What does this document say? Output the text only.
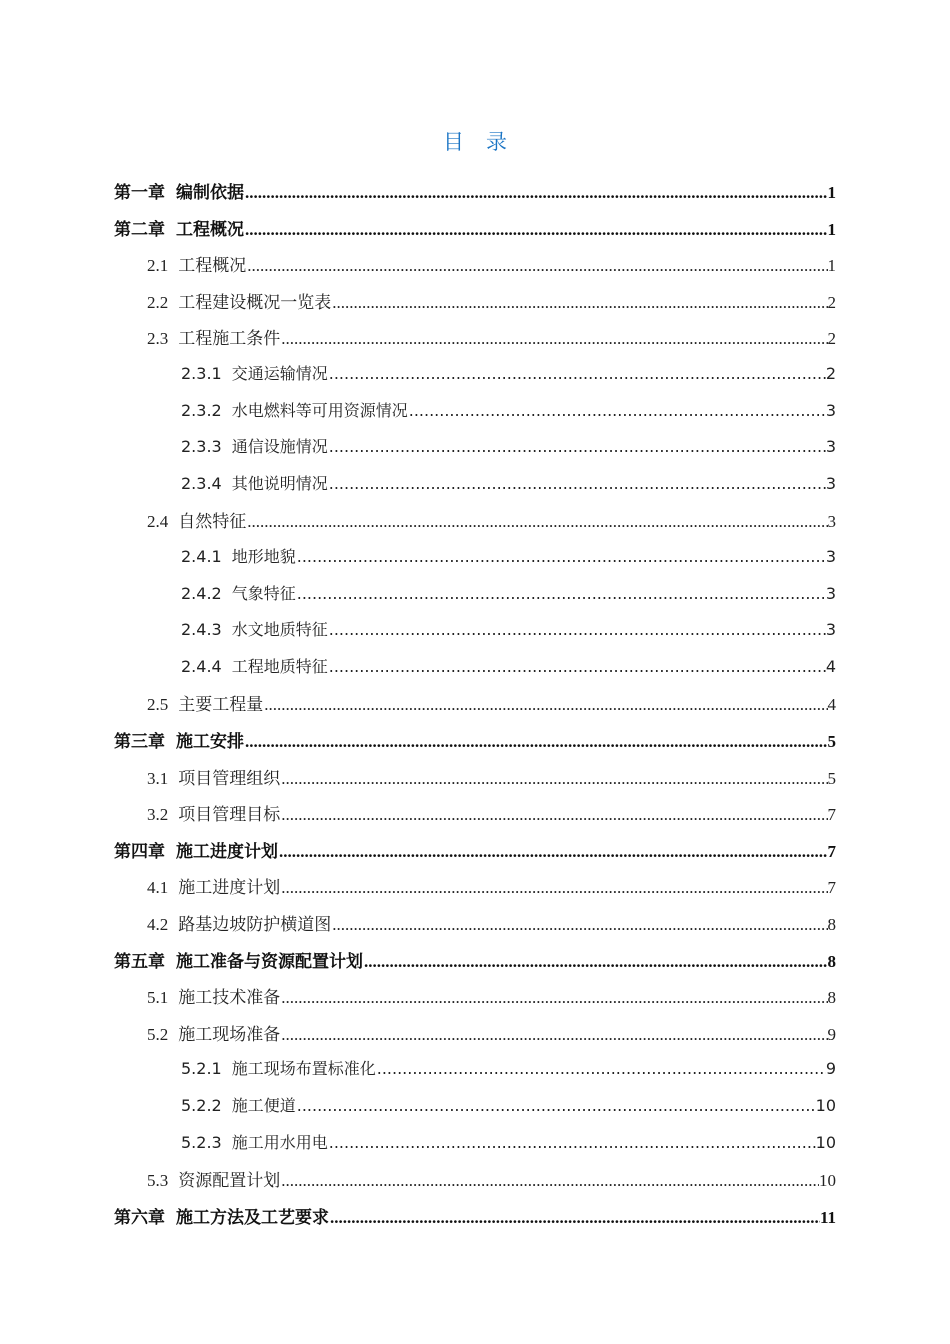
目录
第一章 编制依据 .....	1
第二章 工程概况 .....	1
2.1 工程概况 .....	1
2.2 工程建设概况一览表 .....	2
2.3 工程施工条件 .....	2
2.3.1 交通运输情况 .....	2
2.3.2 水电燃料等可用资源情况 .....	3
2.3.3 通信设施情况 .....	3
2.3.4 其他说明情况 .....	3
2.4 自然特征 .....	3
2.4.1 地形地貌 .....	3
2.4.2 气象特征 .....	3
2.4.3 水文地质特征 .....	3
2.4.4 工程地质特征 .....	4
2.5 主要工程量 .....	4
第三章 施工安排 .....	5
3.1 项目管理组织 .....	5
3.2 项目管理目标 .....	7
第四章 施工进度计划 .....	7
4.1 施工进度计划 .....	7
4.2 路基边坡防护横道图 .....	8
第五章 施工准备与资源配置计划 .....	8
5.1 施工技术准备 .....	8
5.2 施工现场准备 .....	9
5.2.1 施工现场布置标准化 .....	9
5.2.2 施工便道 .....	10
5.2.3 施工用水用电 .....	10
5.3 资源配置计划 .....	10
第六章 施工方法及工艺要求 .....	11
